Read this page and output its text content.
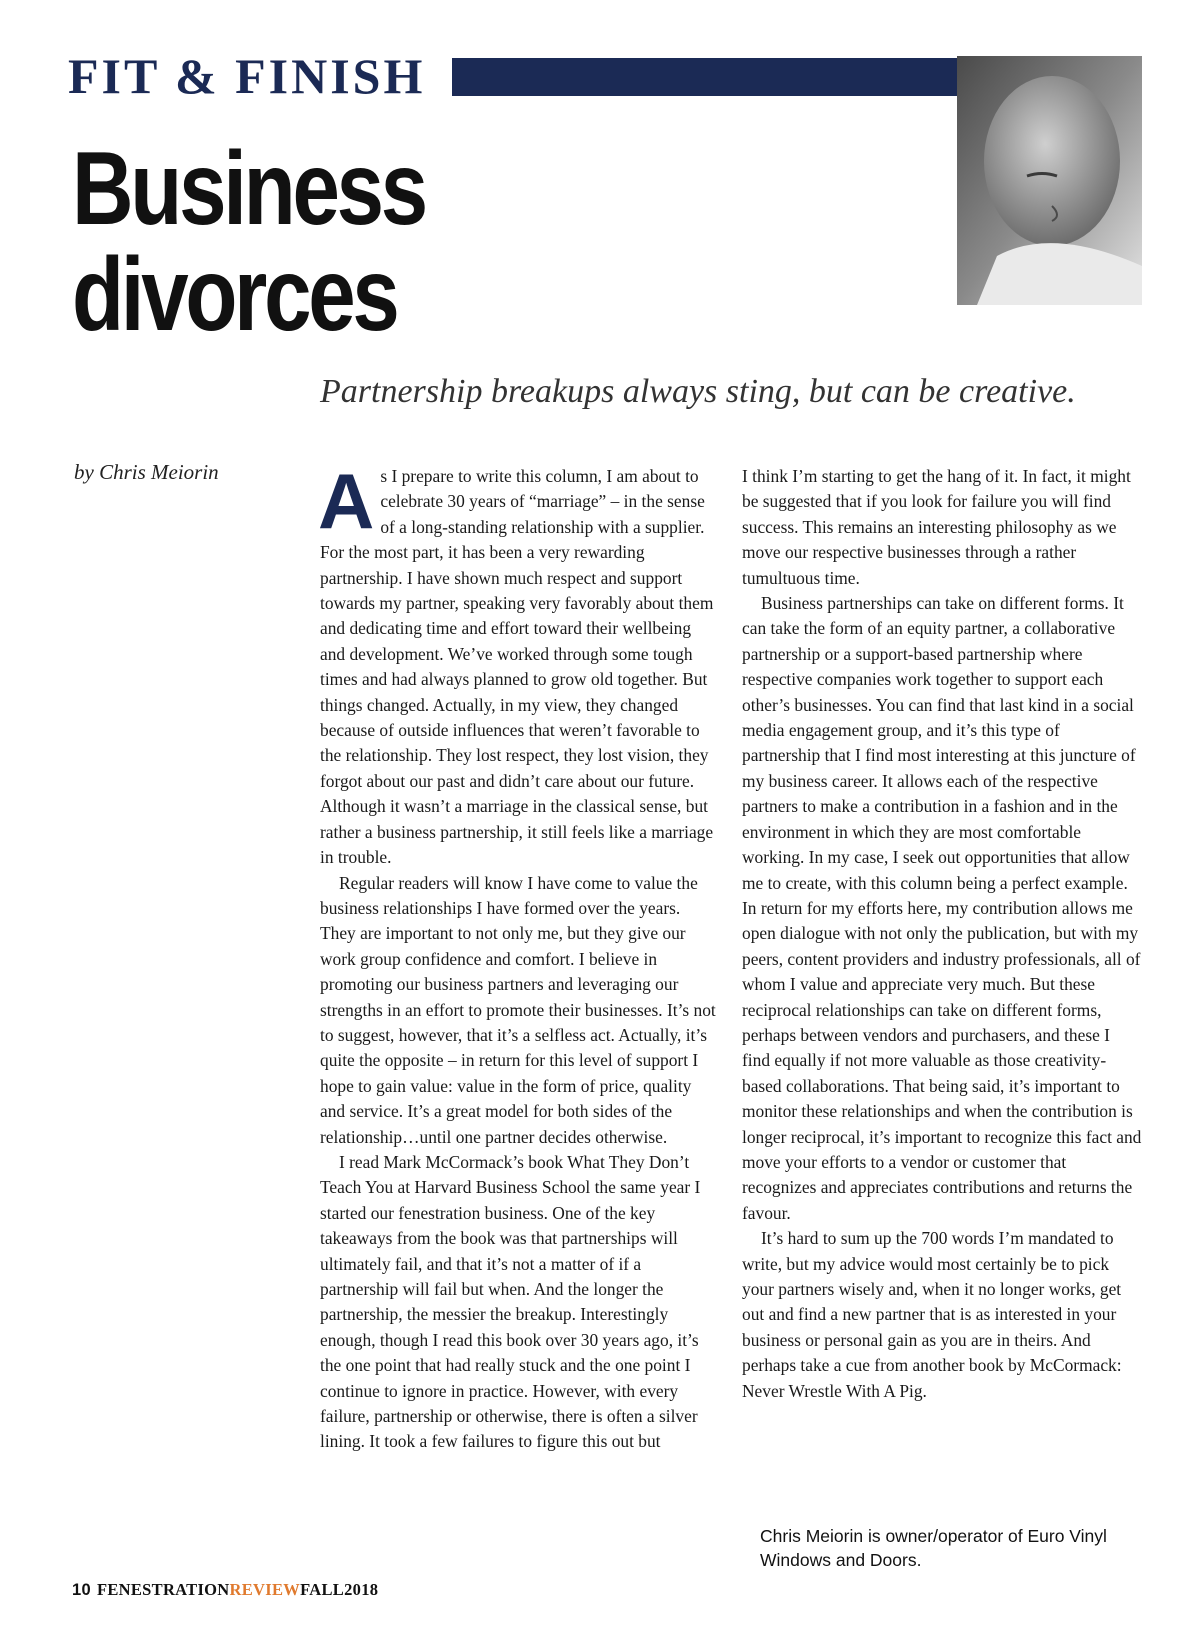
FIT & FINISH
Business
divorces
Partnership breakups always sting, but can be creative.
by Chris Meiorin As I prepare to write this column, I am about to celebrate 30 years of “marriage” – in the sense of a long-standing relationship with a supplier. For the most part, it has been a very rewarding partnership. I have shown much respect and support towards my partner, speaking very favorably about them and dedicating time and effort toward their wellbeing and development. We’ve worked through some tough times and had always planned to grow old together. But things changed. Actually, in my view, they changed because of outside influences that weren’t favorable to the relationship. They lost respect, they lost vision, they forgot about our past and didn’t care about our future. Although it wasn’t a marriage in the classical sense, but rather a business partnership, it still feels like a marriage in trouble.

Regular readers will know I have come to value the business relationships I have formed over the years. They are important to not only me, but they give our work group confidence and comfort. I believe in promoting our business partners and leveraging our strengths in an effort to promote their businesses. It’s not to suggest, however, that it’s a selfless act. Actually, it’s quite the opposite – in return for this level of support I hope to gain value: value in the form of price, quality and service. It’s a great model for both sides of the relationship…until one partner decides otherwise.

I read Mark McCormack’s book What They Don’t Teach You at Harvard Business School the same year I started our fenestration business. One of the key takeaways from the book was that partnerships will ultimately fail, and that it’s not a matter of if a partnership will fail but when. And the longer the partnership, the messier the breakup. Interestingly enough, though I read this book over 30 years ago, it’s the one point that had really stuck and the one point I continue to ignore in practice. However, with every failure, partnership or otherwise, there is often a silver lining. It took a few failures to figure this out but

I think I’m starting to get the hang of it. In fact, it might be suggested that if you look for failure you will find success. This remains an interesting philosophy as we move our respective businesses through a rather tumultuous time.

Business partnerships can take on different forms. It can take the form of an equity partner, a collaborative partnership or a support-based partnership where respective companies work together to support each other’s businesses. You can find that last kind in a social media engagement group, and it’s this type of partnership that I find most interesting at this juncture of my business career. It allows each of the respective partners to make a contribution in a fashion and in the environment in which they are most comfortable working. In my case, I seek out opportunities that allow me to create, with this column being a perfect example. In return for my efforts here, my contribution allows me open dialogue with not only the publication, but with my peers, content providers and industry professionals, all of whom I value and appreciate very much. But these reciprocal relationships can take on different forms, perhaps between vendors and purchasers, and these I find equally if not more valuable as those creativity-based collaborations. That being said, it’s important to monitor these relationships and when the contribution is longer reciprocal, it’s important to recognize this fact and move your efforts to a vendor or customer that recognizes and appreciates contributions and returns the favour.

It’s hard to sum up the 700 words I’m mandated to write, but my advice would most certainly be to pick your partners wisely and, when it no longer works, get out and find a new partner that is as interested in your business or personal gain as you are in theirs. And perhaps take a cue from another book by McCormack: Never Wrestle With A Pig.

Chris Meiorin is owner/operator of Euro Vinyl Windows and Doors.
10 FENESTRATIONREVIEWFALL2018
